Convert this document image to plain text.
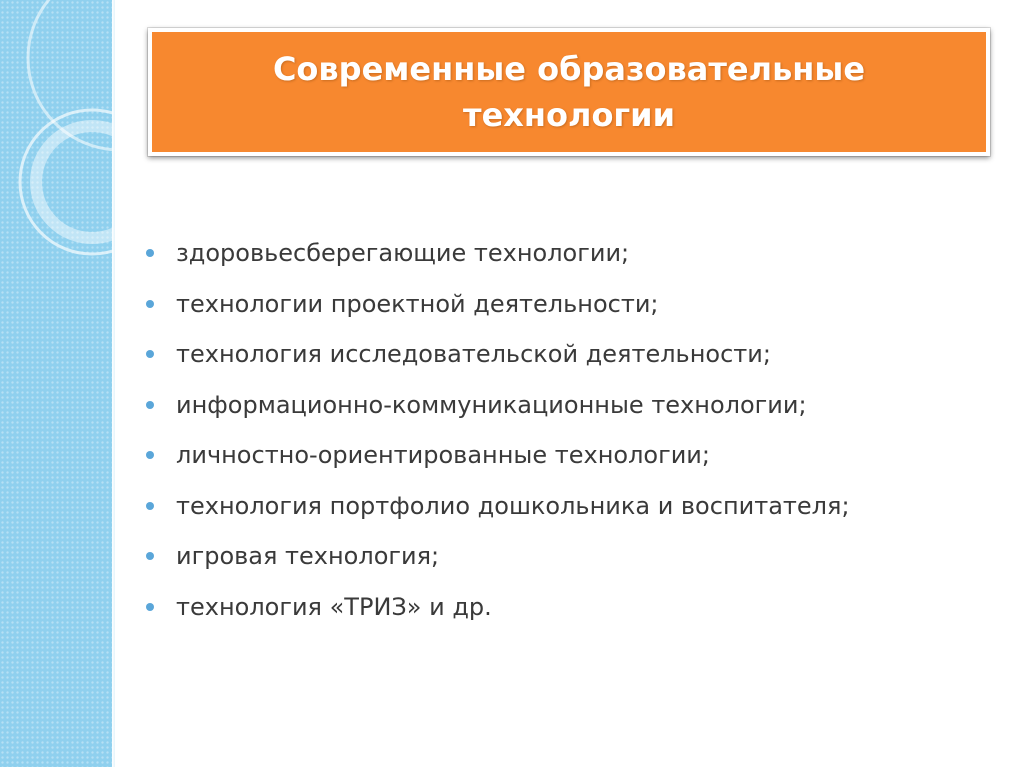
Современные образовательные
технологии
здоровьесберегающие технологии;
технологии проектной деятельности;
технология исследовательской деятельности;
информационно-коммуникационные технологии;
личностно-ориентированные технологии;
технология портфолио дошкольника и воспитателя;
игровая технология;
технология «ТРИЗ» и др.
